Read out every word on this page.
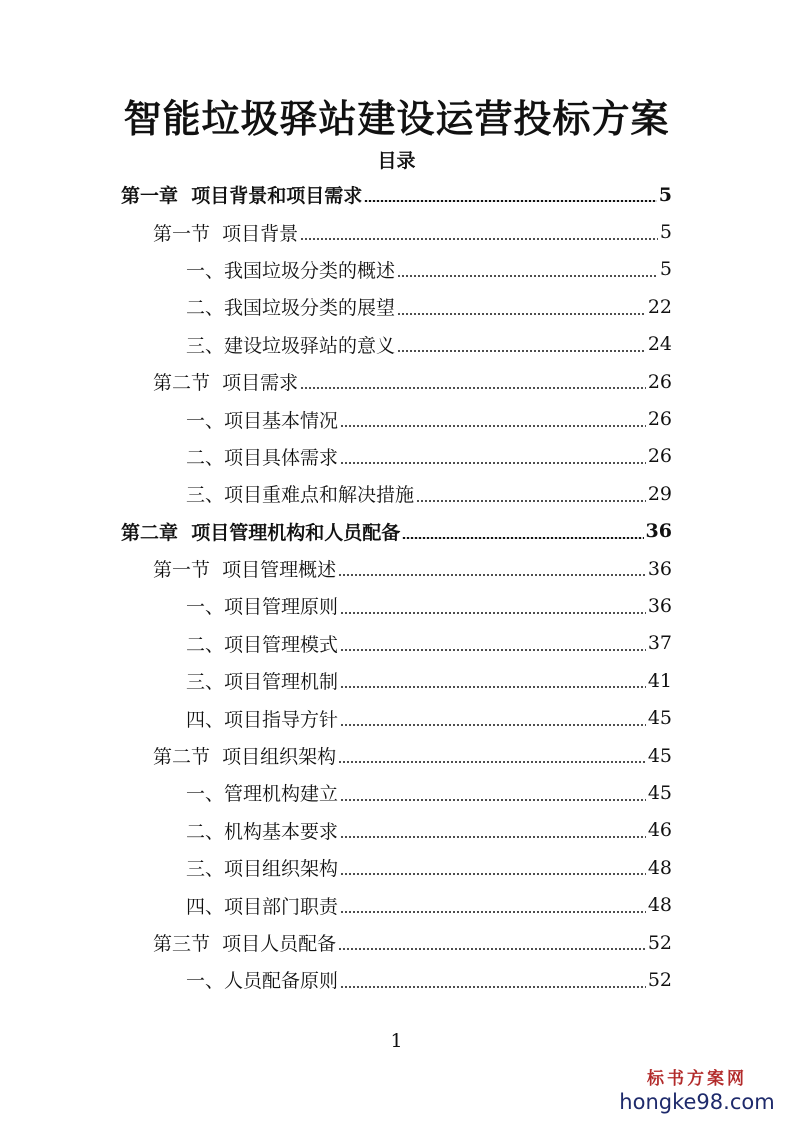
智能垃圾驿站建设运营投标方案
目录
第一章  项目背景和项目需求	5
第一节  项目背景	5
一、我国垃圾分类的概述	5
二、我国垃圾分类的展望	22
三、建设垃圾驿站的意义	24
第二节  项目需求	26
一、项目基本情况	26
二、项目具体需求	26
三、项目重难点和解决措施	29
第二章  项目管理机构和人员配备	36
第一节  项目管理概述	36
一、项目管理原则	36
二、项目管理模式	37
三、项目管理机制	41
四、项目指导方针	45
第二节  项目组织架构	45
一、管理机构建立	45
二、机构基本要求	46
三、项目组织架构	48
四、项目部门职责	48
第三节  项目人员配备	52
一、人员配备原则	52
1
标书方案网
hongke98.com
